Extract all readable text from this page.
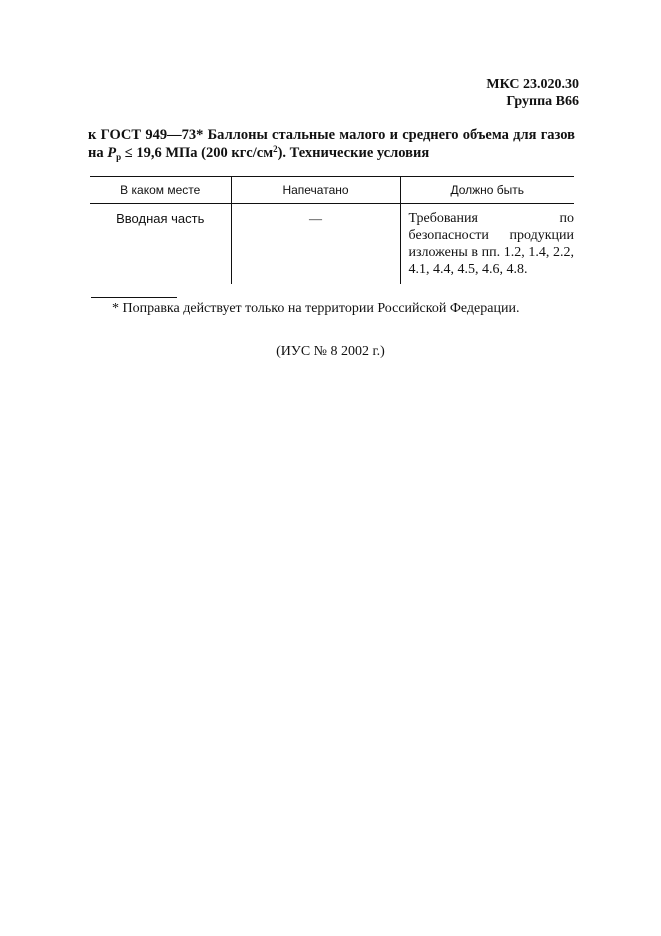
МКС 23.020.30
Группа В66
к ГОСТ 949—73* Баллоны стальные малого и среднего объема для газов на $P_р \le 19,6$ МПа (200 кгс/$см^2$). Технические условия
В каком месте	Напечатано	Должно быть
Вводная часть	—	Требования по безопасности продукции изложены в пп. 1.2, 1.4, 2.2, 4.1, 4.4, 4.5, 4.6, 4.8.
* Поправка действует только на территории Российской Федерации.
(ИУС № 8 2002 г.)
